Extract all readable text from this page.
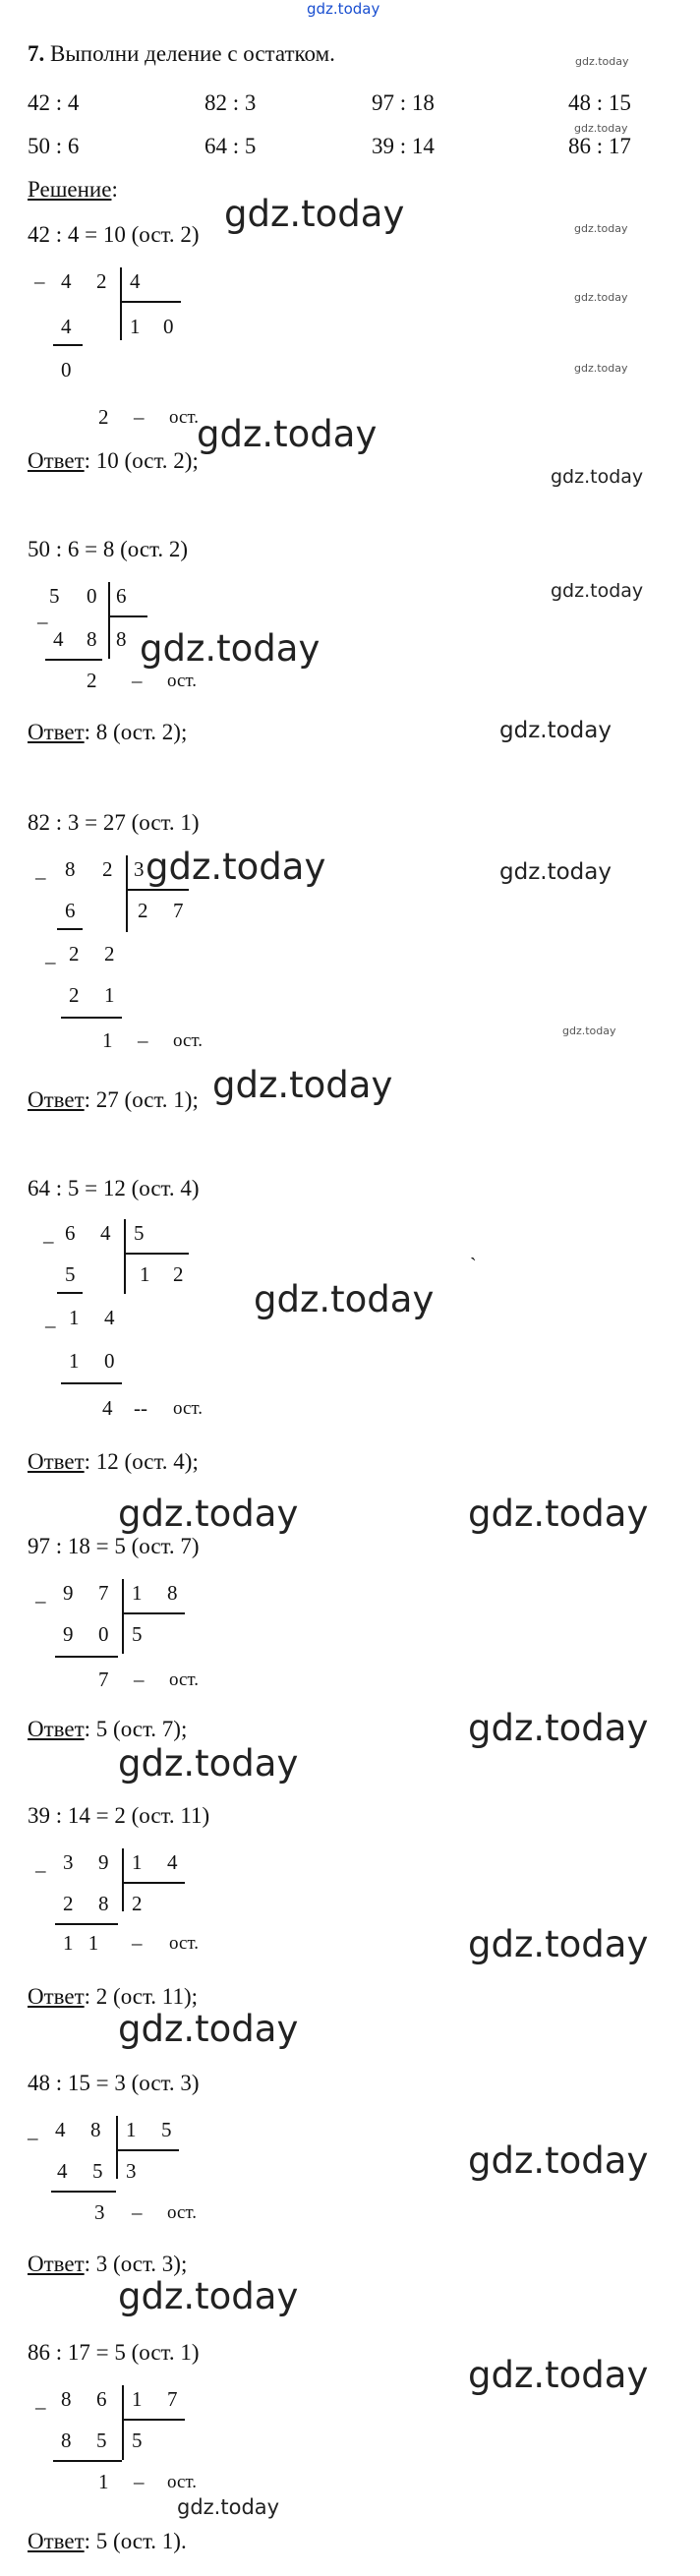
gdz.today
7. Выполни деление с остатком.	gdz.today
42 : 4	82 : 3	97 : 18	48 : 15
gdz.today
50 : 6	64 : 5	39 : 14	86 : 17
Решение:
42 : 4 = 10 (ост. 2) gdz.today	gdz.today
– 4 2 4
gdz.today
4	1 0
0	gdz.today
2 – ост.
gdz.today
Ответ: 10 (ост. 2);
gdz.today
50 : 6 = 8 (ост. 2)
gdz.today
5 0 6
–
4 8 8 gdz.today
2 – ост.
gdz.today
Ответ: 8 (ост. 2);
82 : 3 = 27 (ост. 1)
– 8 2 3 gdz.today	gdz.today
6	2 7
– 2 2
2 1
gdz.today
1 – ост.
gdz.today
Ответ: 27 (ост. 1);
64 : 5 = 12 (ост. 4)
– 6 4 5
`
5	1 2
gdz.today
– 1 4
1 0
4 -- ост.
Ответ: 12 (ост. 4);
gdz.today	gdz.today
97 : 18 = 5 (ост. 7)
– 9 7 1 8
9 0 5
7 – ост.
Ответ: 5 (ост. 7);	gdz.today
gdz.today
39 : 14 = 2 (ост. 11)
– 3 9 1 4
2 8 2
1 1 – ост.	gdz.today
Ответ: 2 (ост. 11);
gdz.today
48 : 15 = 3 (ост. 3)
– 4 8 1 5
gdz.today
4 5 3
3 – ост.
Ответ: 3 (ост. 3);
gdz.today
86 : 17 = 5 (ост. 1)
gdz.today
– 8 6 1 7
8 5 5
1 – ост.
gdz.today
Ответ: 5 (ост. 1).
